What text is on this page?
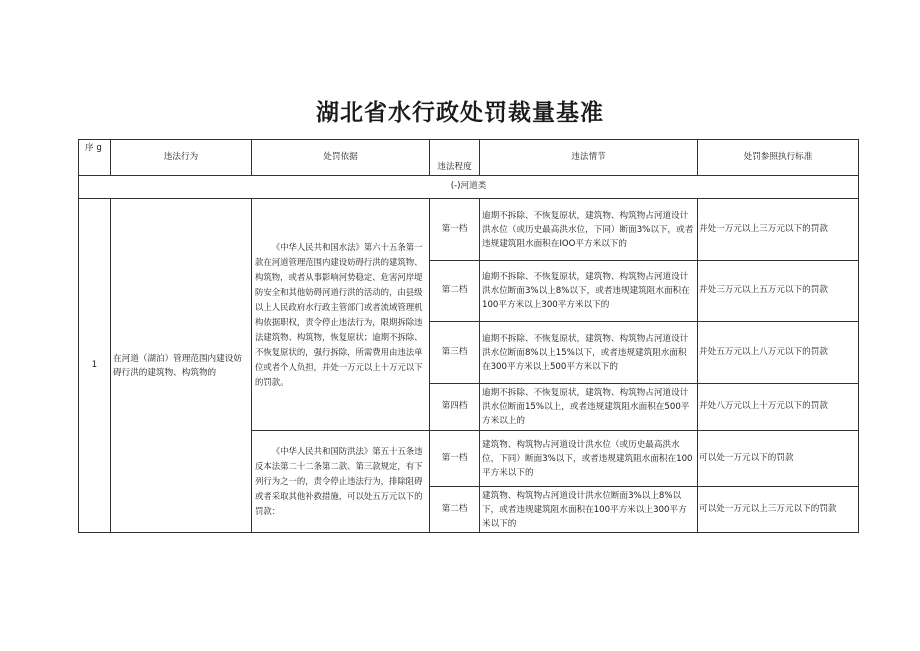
湖北省水行政处罚裁量基准
序 g	违法行为	处罚依据	违法程度	违法情节	处罚参照执行标准
(-)河道类					
1	在河道（湖泊）管理范围内建设妨碍行洪的建筑物、构筑物的	《中华人民共和国水法》第六十五条第一款在河道管理范围内建设妨碍行洪的建筑物、构筑物，或者从事影响河势稳定、危害河岸堤防安全和其他妨碍河道行洪的活动的，由县级以上人民政府水行政主管部门或者流域管理机构依据职权，责令停止违法行为，限期拆除违法建筑物、构筑物，恢复原状；逾期不拆除、不恢复原状的，强行拆除，所需费用由违法单位或者个人负担，并处一万元以上十万元以下的罚款。	第一档	逾期不拆除、不恢复原状，建筑物、构筑物占河道设计洪水位（或历史最高洪水位，下同）断面3%以下，或者违规建筑阻水面积在IOO平方米以下的	并处一万元以上三万元以下的罚款
			第二档	逾期不拆除、不恢复原状，建筑物、构筑物占河道设计洪水位断面3%以上8%以下，或者违规建筑阻水面积在100平方米以上300平方米以下的	并处三万元以上五万元以下的罚款
			第三档	逾期不拆除、不恢复原状，建筑物、构筑物占河道设计洪水位断面8%以上15%以下，或者违规建筑阻水面积在300平方米以上500平方米以下的	并处五万元以上八万元以下的罚款
			第四档	逾期不拆除、不恢复原状，建筑物、构筑物占河道设计洪水位断面15%以上，或者违规建筑阻水面积在500平方米以上的	并处八万元以上十万元以下的罚款
		《中华人民共和国防洪法》第五十五条违反本法第二十二条第二款、第三款规定，有下列行为之一的，责令停止违法行为，排除阻碍或者采取其他补救措施，可以处五万元以下的罚款：	第一档	建筑物、构筑物占河道设计洪水位（或历史最高洪水位，下同）断面3%以下，或者违规建筑阻水面积在100平方米以下的	可以处一万元以下的罚款
			第二档	建筑物、构筑物占河道设计洪水位断面3%以上8%以下，或者违规建筑阻水面积在100平方米以上300平方米以下的	可以处一万元以上三万元以下的罚款
